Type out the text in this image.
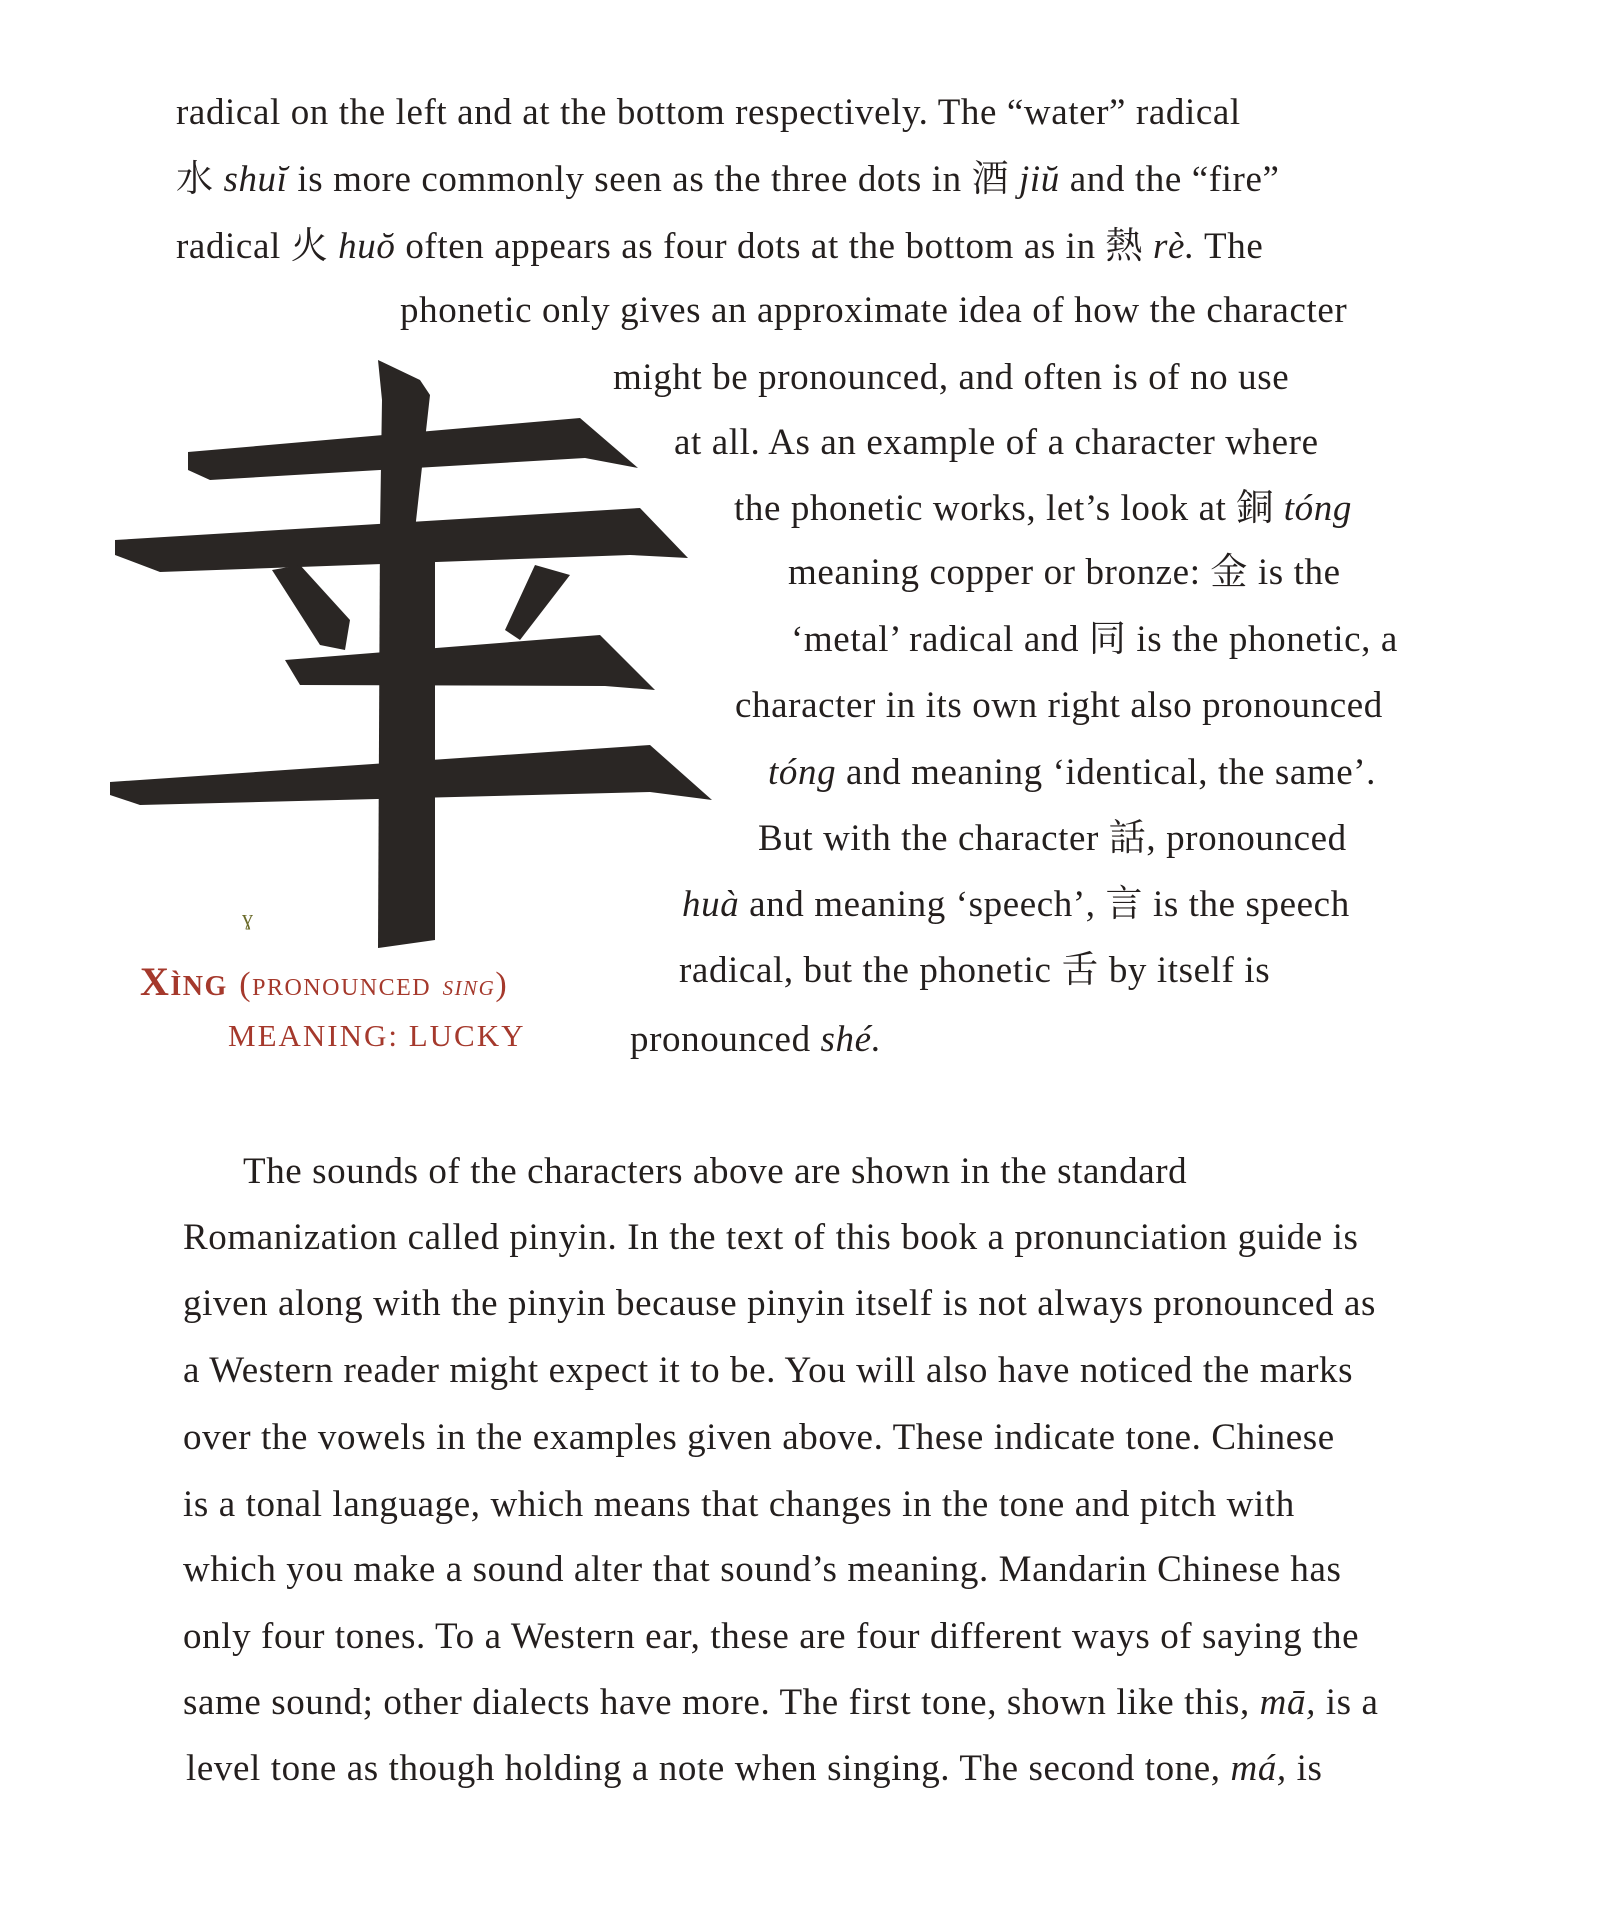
ɣ
Xìng (pronounced sing)
MEANING: LUCKY
radical on the left and at the bottom respectively. The “water” radical
水 shuĭ is more commonly seen as the three dots in 酒 jiŭ and the “fire”
radical 火 huŏ often appears as four dots at the bottom as in 熱 rè. The
phonetic only gives an approximate idea of how the character
might be pronounced, and often is of no use
at all. As an example of a character where
the phonetic works, let’s look at 銅 tóng
meaning copper or bronze: 金 is the
‘metal’ radical and 同 is the phonetic, a
character in its own right also pronounced
tóng and meaning ‘identical, the same’.
But with the character 話, pronounced
huà and meaning ‘speech’, 言 is the speech
radical, but the phonetic 舌 by itself is
pronounced shé.
The sounds of the characters above are shown in the standard
Romanization called pinyin. In the text of this book a pronunciation guide is
given along with the pinyin because pinyin itself is not always pronounced as
a Western reader might expect it to be. You will also have noticed the marks
over the vowels in the examples given above. These indicate tone. Chinese
is a tonal language, which means that changes in the tone and pitch with
which you make a sound alter that sound’s meaning. Mandarin Chinese has
only four tones. To a Western ear, these are four different ways of saying the
same sound; other dialects have more. The first tone, shown like this, mā, is a
level tone as though holding a note when singing. The second tone, má, is
